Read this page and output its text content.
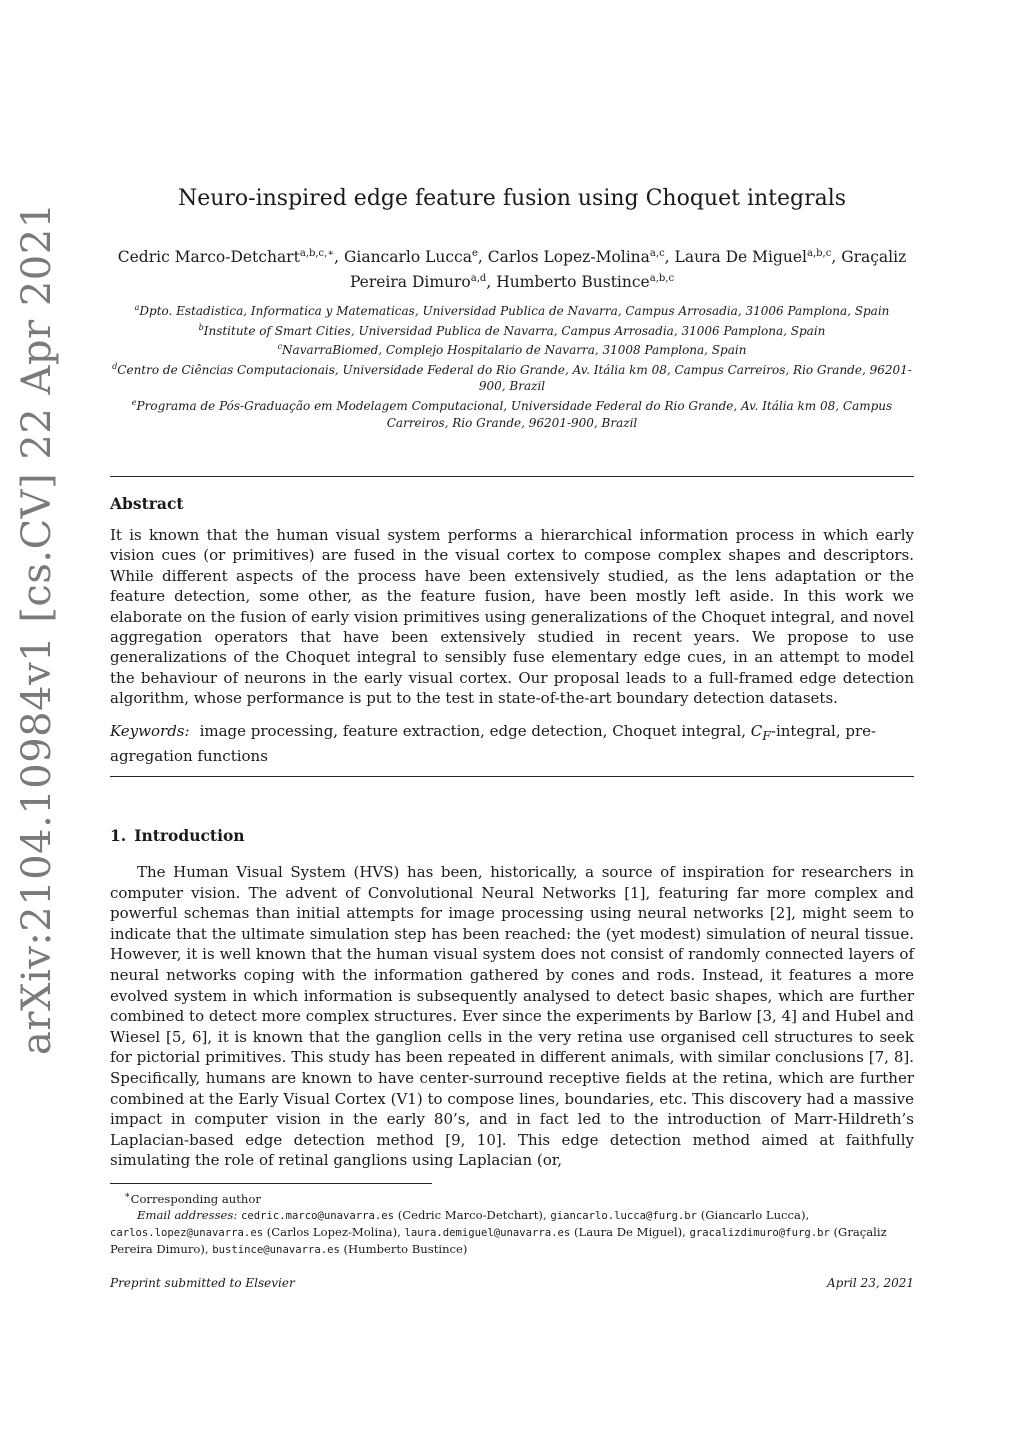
arXiv:2104.10984v1 [cs.CV] 22 Apr 2021
Neuro-inspired edge feature fusion using Choquet integrals
Cedric Marco-Detchart$^{a,b,c,∗}$, Giancarlo Lucca$^e$, Carlos Lopez-Molina$^{a,c}$, Laura De Miguel$^{a,b,c}$, Graçaliz Pereira Dimuro$^{a,d}$, Humberto Bustince$^{a,b,c}$
$^a$Dpto. Estadistica, Informatica y Matematicas, Universidad Publica de Navarra, Campus Arrosadia, 31006 Pamplona, Spain
$^b$Institute of Smart Cities, Universidad Publica de Navarra, Campus Arrosadia, 31006 Pamplona, Spain
$^c$NavarraBiomed, Complejo Hospitalario de Navarra, 31008 Pamplona, Spain
$^d$Centro de Ciências Computacionais, Universidade Federal do Rio Grande, Av. Itália km 08, Campus Carreiros, Rio Grande, 96201-900, Brazil
$^e$Programa de Pós-Graduação em Modelagem Computacional, Universidade Federal do Rio Grande, Av. Itália km 08, Campus Carreiros, Rio Grande, 96201-900, Brazil
Abstract
It is known that the human visual system performs a hierarchical information process in which early vision cues (or primitives) are fused in the visual cortex to compose complex shapes and descriptors. While different aspects of the process have been extensively studied, as the lens adaptation or the feature detection, some other, as the feature fusion, have been mostly left aside. In this work we elaborate on the fusion of early vision primitives using generalizations of the Choquet integral, and novel aggregation operators that have been extensively studied in recent years. We propose to use generalizations of the Choquet integral to sensibly fuse elementary edge cues, in an attempt to model the behaviour of neurons in the early visual cortex. Our proposal leads to a full-framed edge detection algorithm, whose performance is put to the test in state-of-the-art boundary detection datasets.
Keywords: image processing, feature extraction, edge detection, Choquet integral, $C_F$-integral, pre-agregation functions
1. Introduction
The Human Visual System (HVS) has been, historically, a source of inspiration for researchers in computer vision. The advent of Convolutional Neural Networks [1], featuring far more complex and powerful schemas than initial attempts for image processing using neural networks [2], might seem to indicate that the ultimate simulation step has been reached: the (yet modest) simulation of neural tissue. However, it is well known that the human visual system does not consist of randomly connected layers of neural networks coping with the information gathered by cones and rods. Instead, it features a more evolved system in which information is subsequently analysed to detect basic shapes, which are further combined to detect more complex structures. Ever since the experiments by Barlow [3, 4] and Hubel and Wiesel [5, 6], it is known that the ganglion cells in the very retina use organised cell structures to seek for pictorial primitives. This study has been repeated in different animals, with similar conclusions [7, 8]. Specifically, humans are known to have center-surround receptive fields at the retina, which are further combined at the Early Visual Cortex (V1) to compose lines, boundaries, etc. This discovery had a massive impact in computer vision in the early 80’s, and in fact led to the introduction of Marr-Hildreth’s Laplacian-based edge detection method [9, 10]. This edge detection method aimed at faithfully simulating the role of retinal ganglions using Laplacian (or,
∗Corresponding author
Email addresses: cedric.marco@unavarra.es (Cedric Marco-Detchart), giancarlo.lucca@furg.br (Giancarlo Lucca), carlos.lopez@unavarra.es (Carlos Lopez-Molina), laura.demiguel@unavarra.es (Laura De Miguel), gracalizdimuro@furg.br (Graçaliz Pereira Dimuro), bustince@unavarra.es (Humberto Bustince)
Preprint submitted to Elsevier	April 23, 2021
